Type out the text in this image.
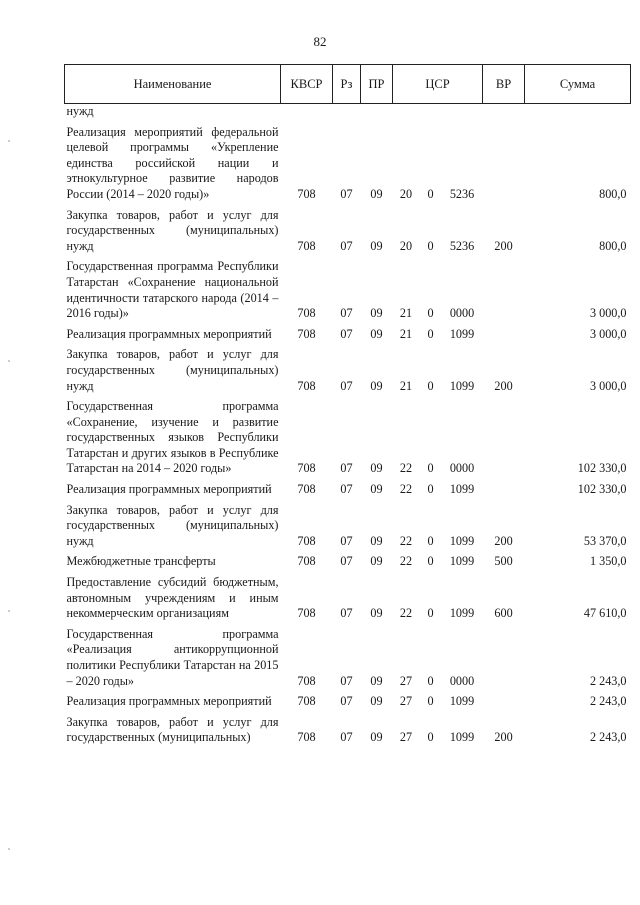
82
Наименование	КВСР	Рз	ПР	ЦСР			ВР	Сумма
нужд								
Реализация мероприятий федеральной целевой программы «Укрепление единства российской нации и этнокультурное развитие народов России (2014 – 2020 годы)»	708	07	09	20	0	5236		800,0
Закупка товаров, работ и услуг для государственных (муниципальных) нужд	708	07	09	20	0	5236	200	800,0
Государственная программа Республики Татарстан «Сохранение национальной идентичности татарского народа (2014 – 2016 годы)»	708	07	09	21	0	0000		3 000,0
Реализация программных мероприятий	708	07	09	21	0	1099		3 000,0
Закупка товаров, работ и услуг для государственных (муниципальных) нужд	708	07	09	21	0	1099	200	3 000,0
Государственная программа «Сохранение, изучение и развитие государственных языков Республики Татарстан и других языков в Республике Татарстан на 2014 – 2020 годы»	708	07	09	22	0	0000		102 330,0
Реализация программных мероприятий	708	07	09	22	0	1099		102 330,0
Закупка товаров, работ и услуг для государственных (муниципальных) нужд	708	07	09	22	0	1099	200	53 370,0
Межбюджетные трансферты	708	07	09	22	0	1099	500	1 350,0
Предоставление субсидий бюджетным, автономным учреждениям и иным некоммерческим организациям	708	07	09	22	0	1099	600	47 610,0
Государственная программа «Реализация антикоррупционной политики Республики Татарстан на 2015 – 2020 годы»	708	07	09	27	0	0000		2 243,0
Реализация программных мероприятий	708	07	09	27	0	1099		2 243,0
Закупка товаров, работ и услуг для государственных (муниципальных)	708	07	09	27	0	1099	200	2 243,0
